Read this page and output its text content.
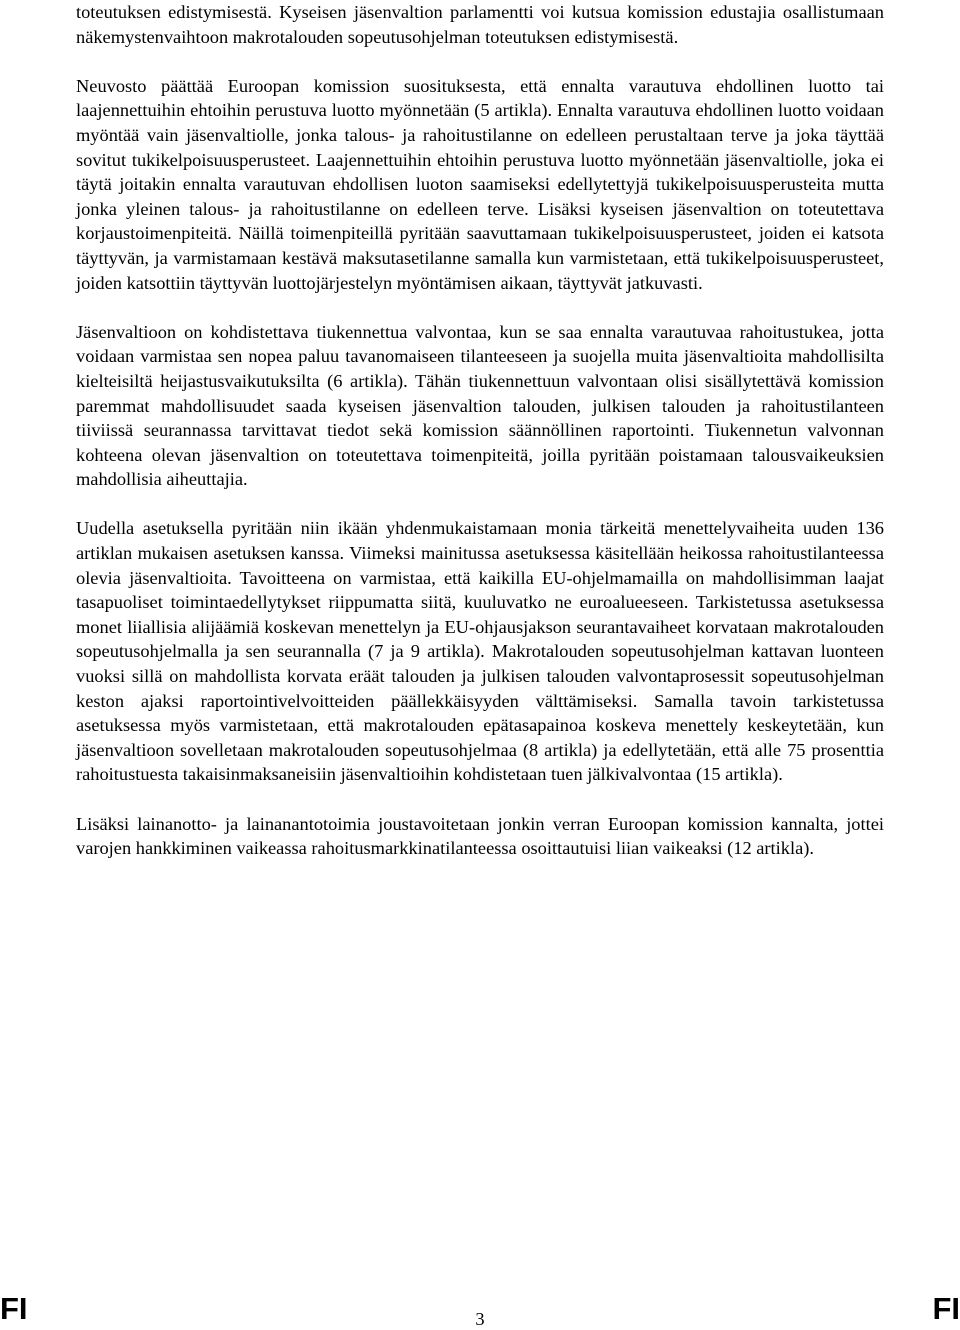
toteutuksen edistymisestä. Kyseisen jäsenvaltion parlamentti voi kutsua komission edustajia osallistumaan näkemystenvaihtoon makrotalouden sopeutusohjelman toteutuksen edistymisestä.

Neuvosto päättää Euroopan komission suosituksesta, että ennalta varautuva ehdollinen luotto tai laajennettuihin ehtoihin perustuva luotto myönnetään (5 artikla). Ennalta varautuva ehdollinen luotto voidaan myöntää vain jäsenvaltiolle, jonka talous- ja rahoitustilanne on edelleen perustaltaan terve ja joka täyttää sovitut tukikelpoisuusperusteet. Laajennettuihin ehtoihin perustuva luotto myönnetään jäsenvaltiolle, joka ei täytä joitakin ennalta varautuvan ehdollisen luoton saamiseksi edellytettyjä tukikelpoisuusperusteita mutta jonka yleinen talous- ja rahoitustilanne on edelleen terve. Lisäksi kyseisen jäsenvaltion on toteutettava korjaustoimenpiteitä. Näillä toimenpiteillä pyritään saavuttamaan tukikelpoisuusperusteet, joiden ei katsota täyttyvän, ja varmistamaan kestävä maksutasetilanne samalla kun varmistetaan, että tukikelpoisuusperusteet, joiden katsottiin täyttyvän luottojärjestelyn myöntämisen aikaan, täyttyvät jatkuvasti.

Jäsenvaltioon on kohdistettava tiukennettua valvontaa, kun se saa ennalta varautuvaa rahoitustukea, jotta voidaan varmistaa sen nopea paluu tavanomaiseen tilanteeseen ja suojella muita jäsenvaltioita mahdollisilta kielteisiltä heijastusvaikutuksilta (6 artikla). Tähän tiukennettuun valvontaan olisi sisällytettävä komission paremmat mahdollisuudet saada kyseisen jäsenvaltion talouden, julkisen talouden ja rahoitustilanteen tiiviissä seurannassa tarvittavat tiedot sekä komission säännöllinen raportointi. Tiukennetun valvonnan kohteena olevan jäsenvaltion on toteutettava toimenpiteitä, joilla pyritään poistamaan talousvaikeuksien mahdollisia aiheuttajia.

Uudella asetuksella pyritään niin ikään yhdenmukaistamaan monia tärkeitä menettelyvaiheita uuden 136 artiklan mukaisen asetuksen kanssa. Viimeksi mainitussa asetuksessa käsitellään heikossa rahoitustilanteessa olevia jäsenvaltioita. Tavoitteena on varmistaa, että kaikilla EU-ohjelmamailla on mahdollisimman laajat tasapuoliset toimintaedellytykset riippumatta siitä, kuuluvatko ne euroalueeseen. Tarkistetussa asetuksessa monet liiallisia alijäämiä koskevan menettelyn ja EU-ohjausjakson seurantavaiheet korvataan makrotalouden sopeutusohjelmalla ja sen seurannalla (7 ja 9 artikla). Makrotalouden sopeutusohjelman kattavan luonteen vuoksi sillä on mahdollista korvata eräät talouden ja julkisen talouden valvontaprosessit sopeutusohjelman keston ajaksi raportointivelvoitteiden päällekkäisyyden välttämiseksi. Samalla tavoin tarkistetussa asetuksessa myös varmistetaan, että makrotalouden epätasapainoa koskeva menettely keskeytetään, kun jäsenvaltioon sovelletaan makrotalouden sopeutusohjelmaa (8 artikla) ja edellytetään, että alle 75 prosenttia rahoitustuesta takaisinmaksaneisiin jäsenvaltioihin kohdistetaan tuen jälkivalvontaa (15 artikla).

Lisäksi lainanotto- ja lainanantotoimia joustavoitetaan jonkin verran Euroopan komission kannalta, jottei varojen hankkiminen vaikeassa rahoitusmarkkinatilanteessa osoittautuisi liian vaikeaksi (12 artikla).

FI	3	FI
